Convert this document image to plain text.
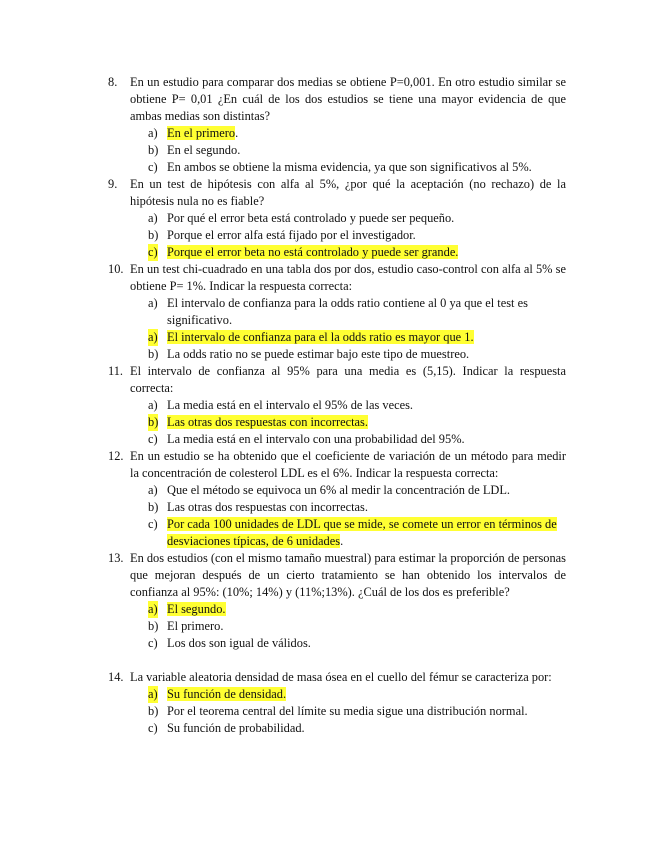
8.	En un estudio para comparar dos medias se obtiene P=0,001. En otro estudio similar se obtiene P= 0,01 ¿En cuál de los dos estudios se tiene una mayor evidencia de que ambas medias son distintas?
a) En el primero.
b) En el segundo.
c) En ambos se obtiene la misma evidencia, ya que son significativos al 5%.
9.	En un test de hipótesis con alfa al 5%, ¿por qué la aceptación (no rechazo) de la hipótesis nula no es fiable?
a) Por qué el error beta está controlado y puede ser pequeño.
b) Porque el error alfa está fijado por el investigador.
c) Porque el error beta no está controlado y puede ser grande.
10. En un test chi-cuadrado en una tabla dos por dos, estudio caso-control con alfa al 5% se obtiene P= 1%. Indicar la respuesta correcta:
a) El intervalo de confianza para la odds ratio contiene al 0 ya que el test es significativo.
a) El intervalo de confianza para el la odds ratio es mayor que 1.
b) La odds ratio no se puede estimar bajo este tipo de muestreo.
11. El intervalo de confianza al 95% para una media es (5,15). Indicar la respuesta correcta:
a) La media está en el intervalo el 95% de las veces.
b) Las otras dos respuestas con incorrectas.
c) La media está en el intervalo con una probabilidad del 95%.
12. En un estudio se ha obtenido que el coeficiente de variación de un método para medir la concentración de colesterol LDL es el 6%. Indicar la respuesta correcta:
a) Que el método se equivoca un 6% al medir la concentración de LDL.
b) Las otras dos respuestas con incorrectas.
c) Por cada 100 unidades de LDL que se mide, se comete un error en términos de desviaciones típicas, de 6 unidades.
13. En dos estudios (con el mismo tamaño muestral) para estimar la proporción de personas que mejoran después de un cierto tratamiento se han obtenido los intervalos de confianza al 95%: (10%; 14%) y (11%;13%). ¿Cuál de los dos es preferible?
a) El segundo.
b) El primero.
c) Los dos son igual de válidos.
14. La variable aleatoria densidad de masa ósea en el cuello del fémur se caracteriza por:
a) Su función de densidad.
b) Por el teorema central del límite su media sigue una distribución normal.
c) Su función de probabilidad.
